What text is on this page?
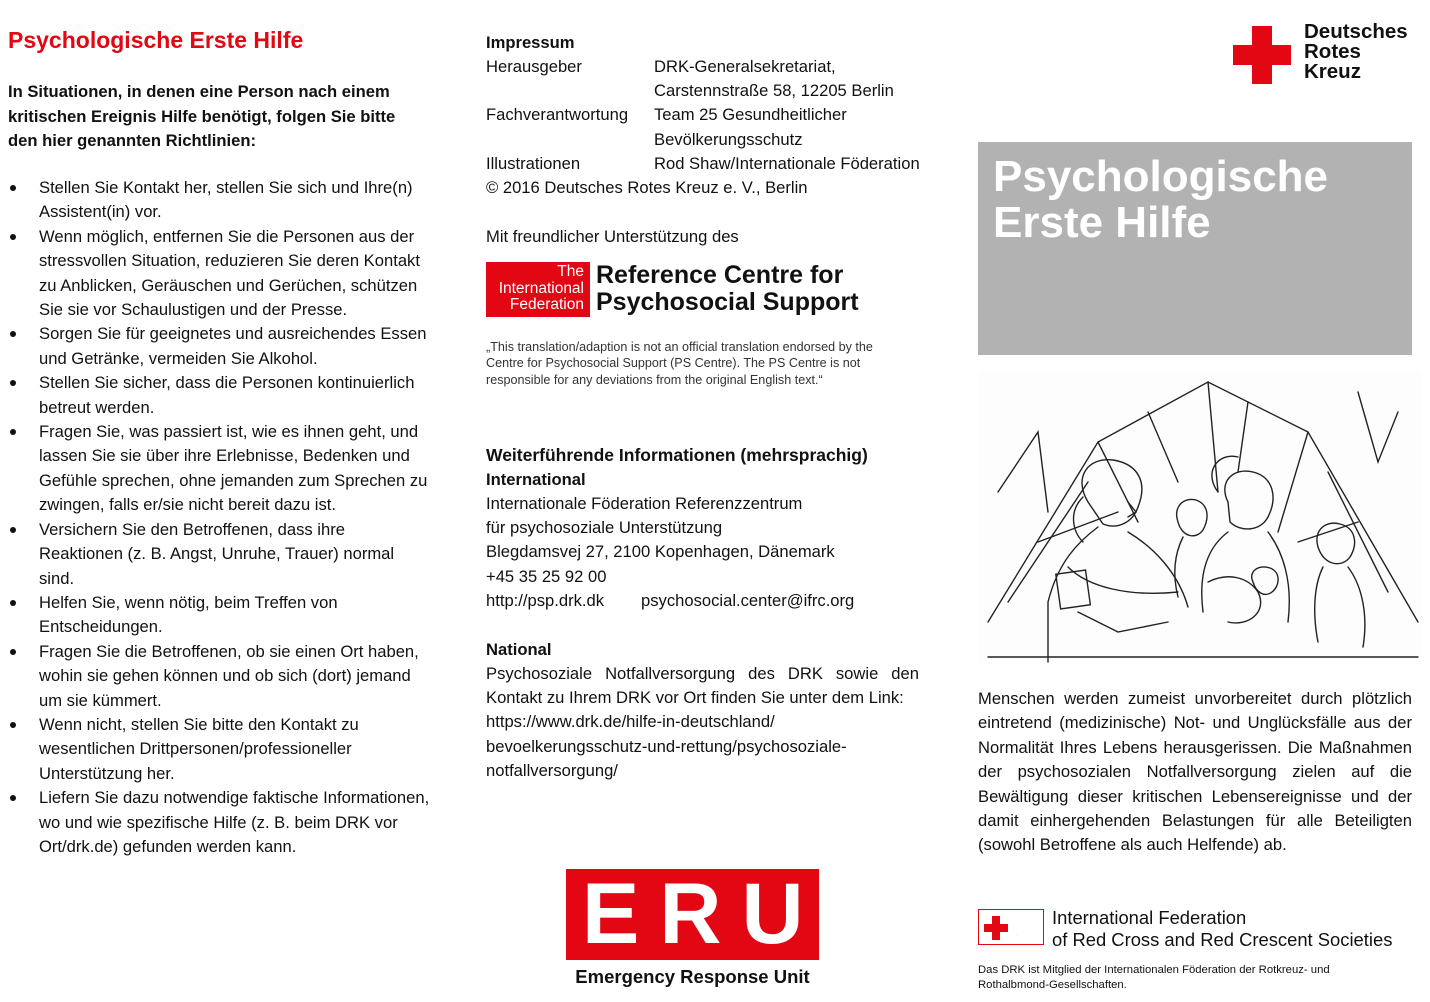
Psychologische Erste Hilfe
In Situationen, in denen eine Person nach einem kritischen Ereignis Hilfe benötigt, folgen Sie bitte den hier genannten Richtlinien:
Stellen Sie Kontakt her, stellen Sie sich und Ihre(n) Assistent(in) vor.
Wenn möglich, entfernen Sie die Personen aus der stressvollen Situation, reduzieren Sie deren Kontakt zu Anblicken, Geräuschen und Gerüchen, schützen Sie sie vor Schaulustigen und der Presse.
Sorgen Sie für geeignetes und ausreichendes Essen und Getränke, vermeiden Sie Alkohol.
Stellen Sie sicher, dass die Personen kontinuierlich betreut werden.
Fragen Sie, was passiert ist, wie es ihnen geht, und lassen Sie sie über ihre Erlebnisse, Bedenken und Gefühle sprechen, ohne jemanden zum Sprechen zu zwingen, falls er/sie nicht bereit dazu ist.
Versichern Sie den Betroffenen, dass ihre Reaktionen (z. B. Angst, Unruhe, Trauer) normal sind.
Helfen Sie, wenn nötig, beim Treffen von Entscheidungen.
Fragen Sie die Betroffenen, ob sie einen Ort haben, wohin sie gehen können und ob sich (dort) jemand um sie kümmert.
Wenn nicht, stellen Sie bitte den Kontakt zu wesentlichen Drittpersonen/professioneller Unterstützung her.
Liefern Sie dazu notwendige faktische Informationen, wo und wie spezifische Hilfe (z. B. beim DRK vor Ort/drk.de) gefunden werden kann.
Impressum
Herausgeber	DRK-Generalsekretariat,
	Carstennstraße 58, 12205 Berlin
Fachverantwortung	Team 25 Gesundheitlicher
	Bevölkerungsschutz
Illustrationen	Rod Shaw/Internationale Föderation
© 2016 Deutsches Rotes Kreuz e. V., Berlin	
Mit freundlicher Unterstützung des
The
International
Federation
Reference Centre for
Psychosocial Support
„This translation/adaption is not an official translation endorsed by the Centre for Psychosocial Support (PS Centre). The PS Centre is not responsible for any deviations from the original English text.“
Weiterführende Informationen (mehrsprachig)
International
Internationale Föderation Referenzzentrum
für psychosoziale Unterstützung
Blegdamsvej 27, 2100 Kopenhagen, Dänemark
+45 35 25 92 00
http://psp.drk.dk psychosocial.center@ifrc.org
National
Psychosoziale Notfallversorgung des DRK sowie den Kontakt zu Ihrem DRK vor Ort finden Sie unter dem Link:
https://www.drk.de/hilfe-in-deutschland/
bevoelkerungsschutz-und-rettung/psychosoziale-
notfallversorgung/
ERU
Emergency Response Unit
Deutsches
Rotes
Kreuz
Psychologische
Erste Hilfe
Menschen werden zumeist unvorbereitet durch plötzlich eintretend (medizinische) Not- und Unglücksfälle aus der Normalität Ihres Lebens herausgerissen. Die Maßnahmen der psychosozialen Notfallversorgung zielen auf die Bewältigung dieser kritischen Lebensereignisse und der damit einhergehenden Belastungen für alle Beteiligten (sowohl Betroffene als auch Helfende) ab.
International Federation
of Red Cross and Red Crescent Societies
Das DRK ist Mitglied der Internationalen Föderation der Rotkreuz- und Rothalbmond-Gesellschaften.
